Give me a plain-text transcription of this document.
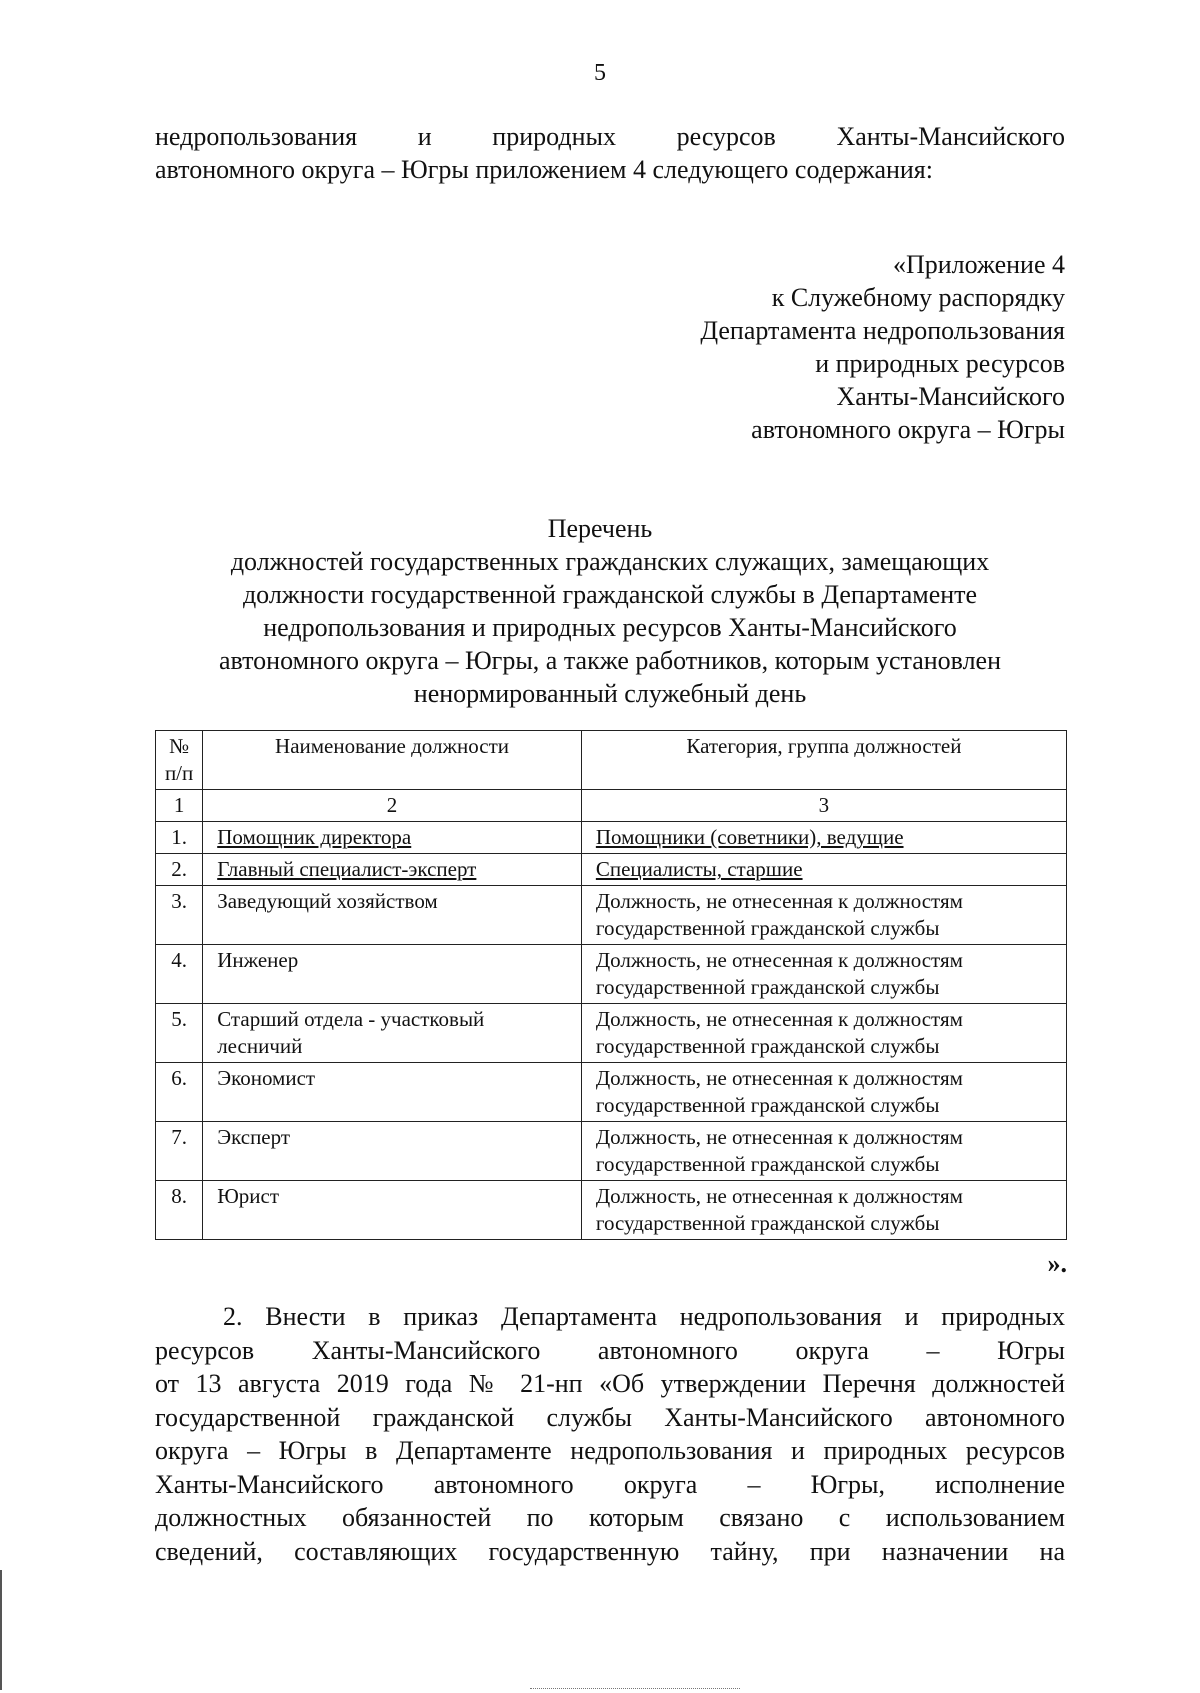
5
недропользования и природных ресурсов Ханты-Мансийского
автономного округа – Югры приложением 4 следующего содержания:
«Приложение 4
к Служебному распорядку
Департамента недропользования
и природных ресурсов
Ханты-Мансийского
автономного округа – Югры
Перечень
должностей государственных гражданских служащих, замещающих
должности государственной гражданской службы в Департаменте
недропользования и природных ресурсов Ханты-Мансийского
автономного округа – Югры, а также работников, которым установлен
ненормированный служебный день
№ п/п	Наименование должности	Категория, группа должностей
1	2	3
1.	Помощник директора	Помощники (советники), ведущие
2.	Главный специалист-эксперт	Специалисты, старшие
3.	Заведующий хозяйством	Должность, не отнесенная к должностям государственной гражданской службы
4.	Инженер	Должность, не отнесенная к должностям государственной гражданской службы
5.	Старший отдела - участковый лесничий	Должность, не отнесенная к должностям государственной гражданской службы
6.	Экономист	Должность, не отнесенная к должностям государственной гражданской службы
7.	Эксперт	Должность, не отнесенная к должностям государственной гражданской службы
8.	Юрист	Должность, не отнесенная к должностям государственной гражданской службы
».
2. Внести в приказ Департамента недропользования и природных
ресурсов Ханты-Мансийского автономного округа – Югры
от 13 августа 2019 года № 21-нп «Об утверждении Перечня должностей
государственной гражданской службы Ханты-Мансийского автономного
округа – Югры в Департаменте недропользования и природных ресурсов
Ханты-Мансийского автономного округа – Югры, исполнение
должностных обязанностей по которым связано с использованием
сведений, составляющих государственную тайну, при назначении на
